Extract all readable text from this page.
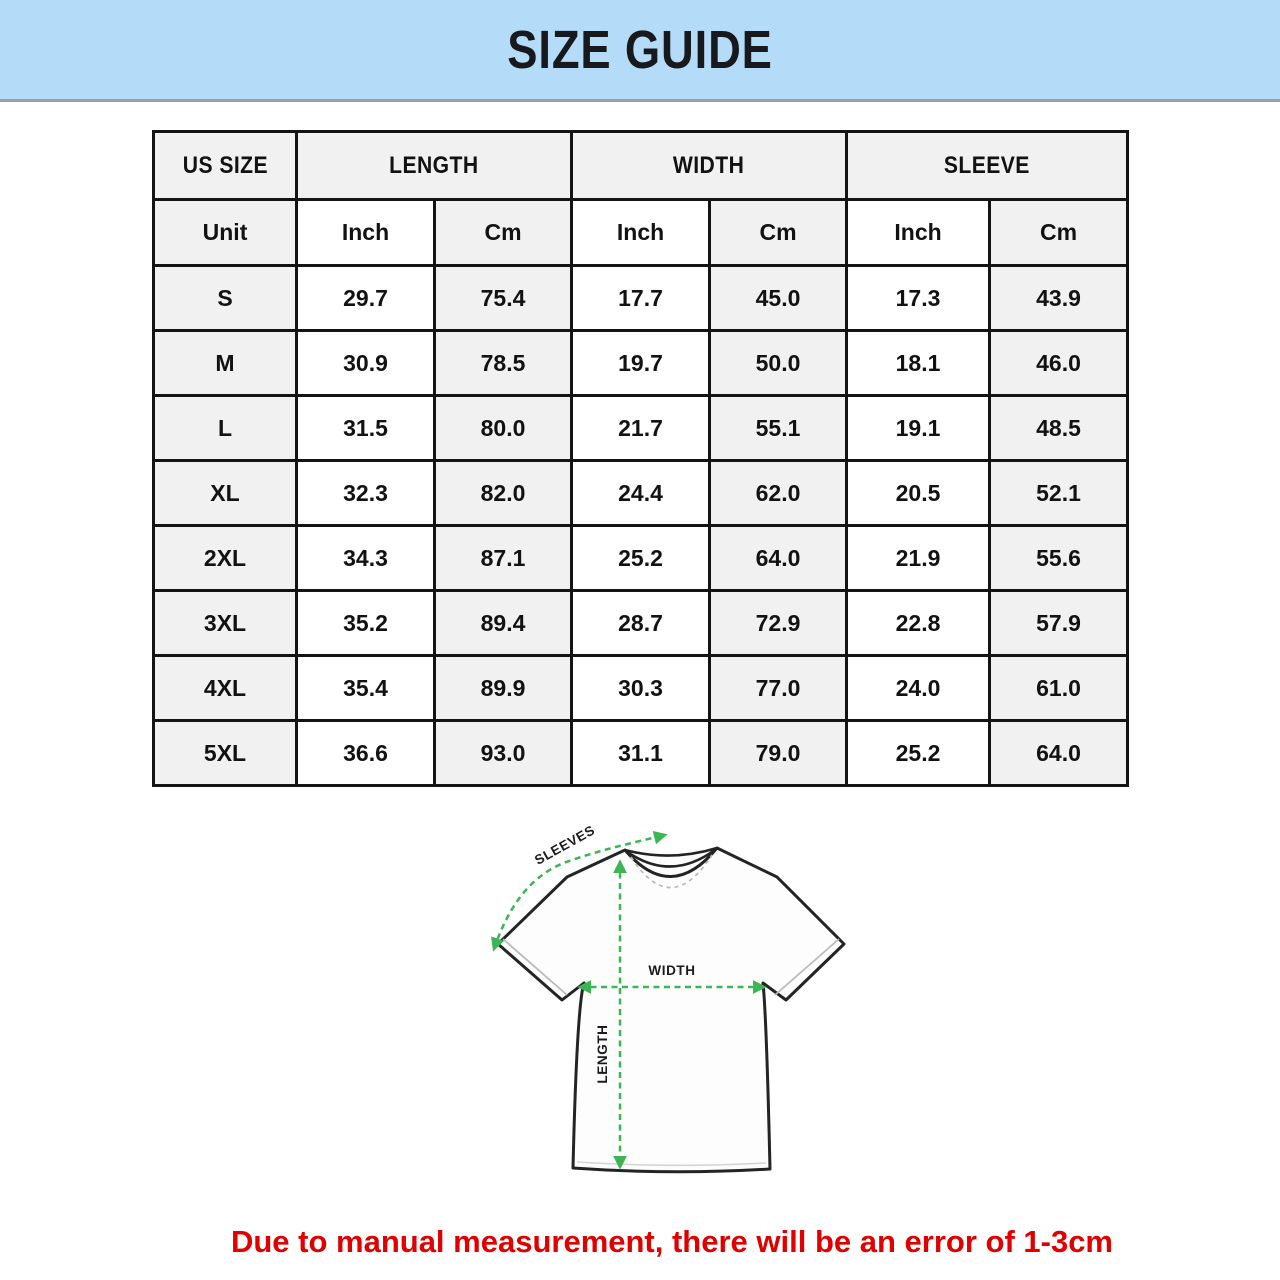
SIZE GUIDE
US SIZE	LENGTH		WIDTH		SLEEVE	
Unit	Inch	Cm	Inch	Cm	Inch	Cm
S	29.7	75.4	17.7	45.0	17.3	43.9
M	30.9	78.5	19.7	50.0	18.1	46.0
L	31.5	80.0	21.7	55.1	19.1	48.5
XL	32.3	82.0	24.4	62.0	20.5	52.1
2XL	34.3	87.1	25.2	64.0	21.9	55.6
3XL	35.2	89.4	28.7	72.9	22.8	57.9
4XL	35.4	89.9	30.3	77.0	24.0	61.0
5XL	36.6	93.0	31.1	79.0	25.2	64.0
SLEEVES
WIDTH
LENGTH
Due to manual measurement, there will be an error of 1-3cm
